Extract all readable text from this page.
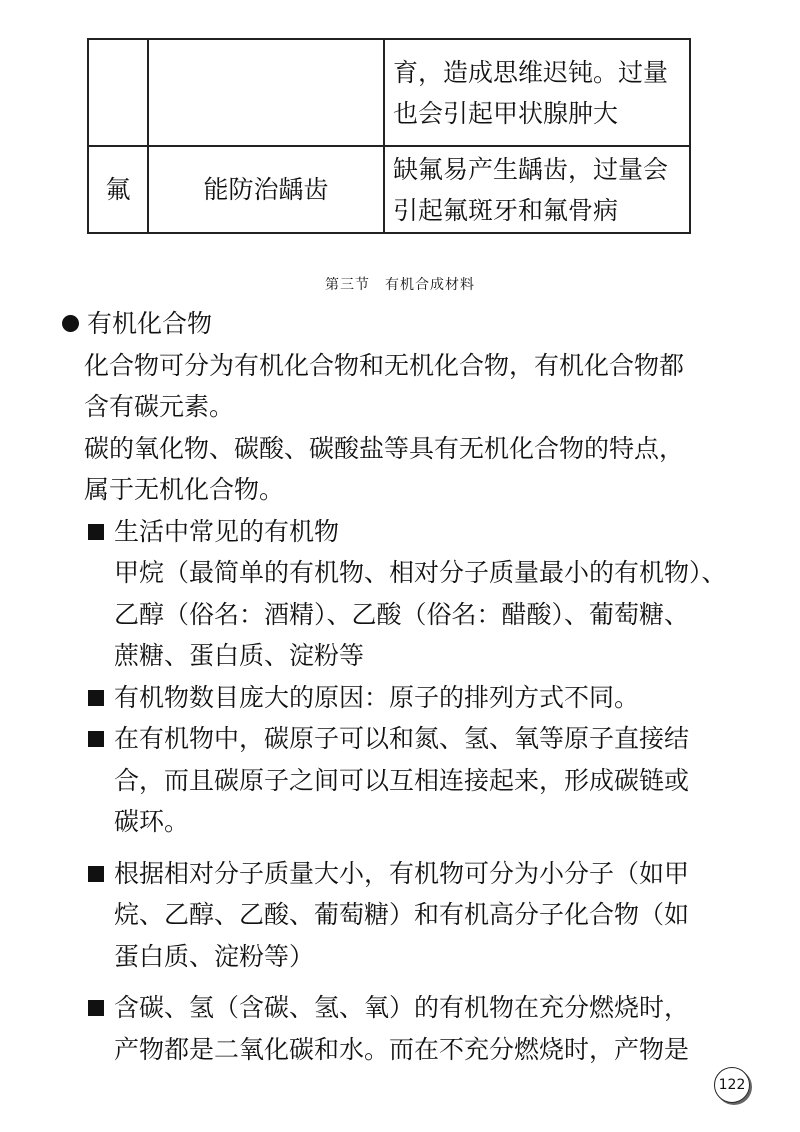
		育，造成思维迟钝。过量
也会引起甲状腺肿大

氟	能防治龋齿	缺氟易产生龋齿，过量会
引起氟斑牙和氟骨病
第三节　有机合成材料
有机化合物
化合物可分为有机化合物和无机化合物，有机化合物都
含有碳元素。
碳的氧化物、碳酸、碳酸盐等具有无机化合物的特点，
属于无机化合物。
生活中常见的有机物
甲烷（最简单的有机物、相对分子质量最小的有机物）、
乙醇（俗名：酒精）、乙酸（俗名：醋酸）、葡萄糖、
蔗糖、蛋白质、淀粉等
有机物数目庞大的原因：原子的排列方式不同。
在有机物中，碳原子可以和氮、氢、氧等原子直接结
合，而且碳原子之间可以互相连接起来，形成碳链或
碳环。
根据相对分子质量大小，有机物可分为小分子（如甲
烷、乙醇、乙酸、葡萄糖）和有机高分子化合物（如
蛋白质、淀粉等）
含碳、氢（含碳、氢、氧）的有机物在充分燃烧时，
产物都是二氧化碳和水。而在不充分燃烧时，产物是
122
